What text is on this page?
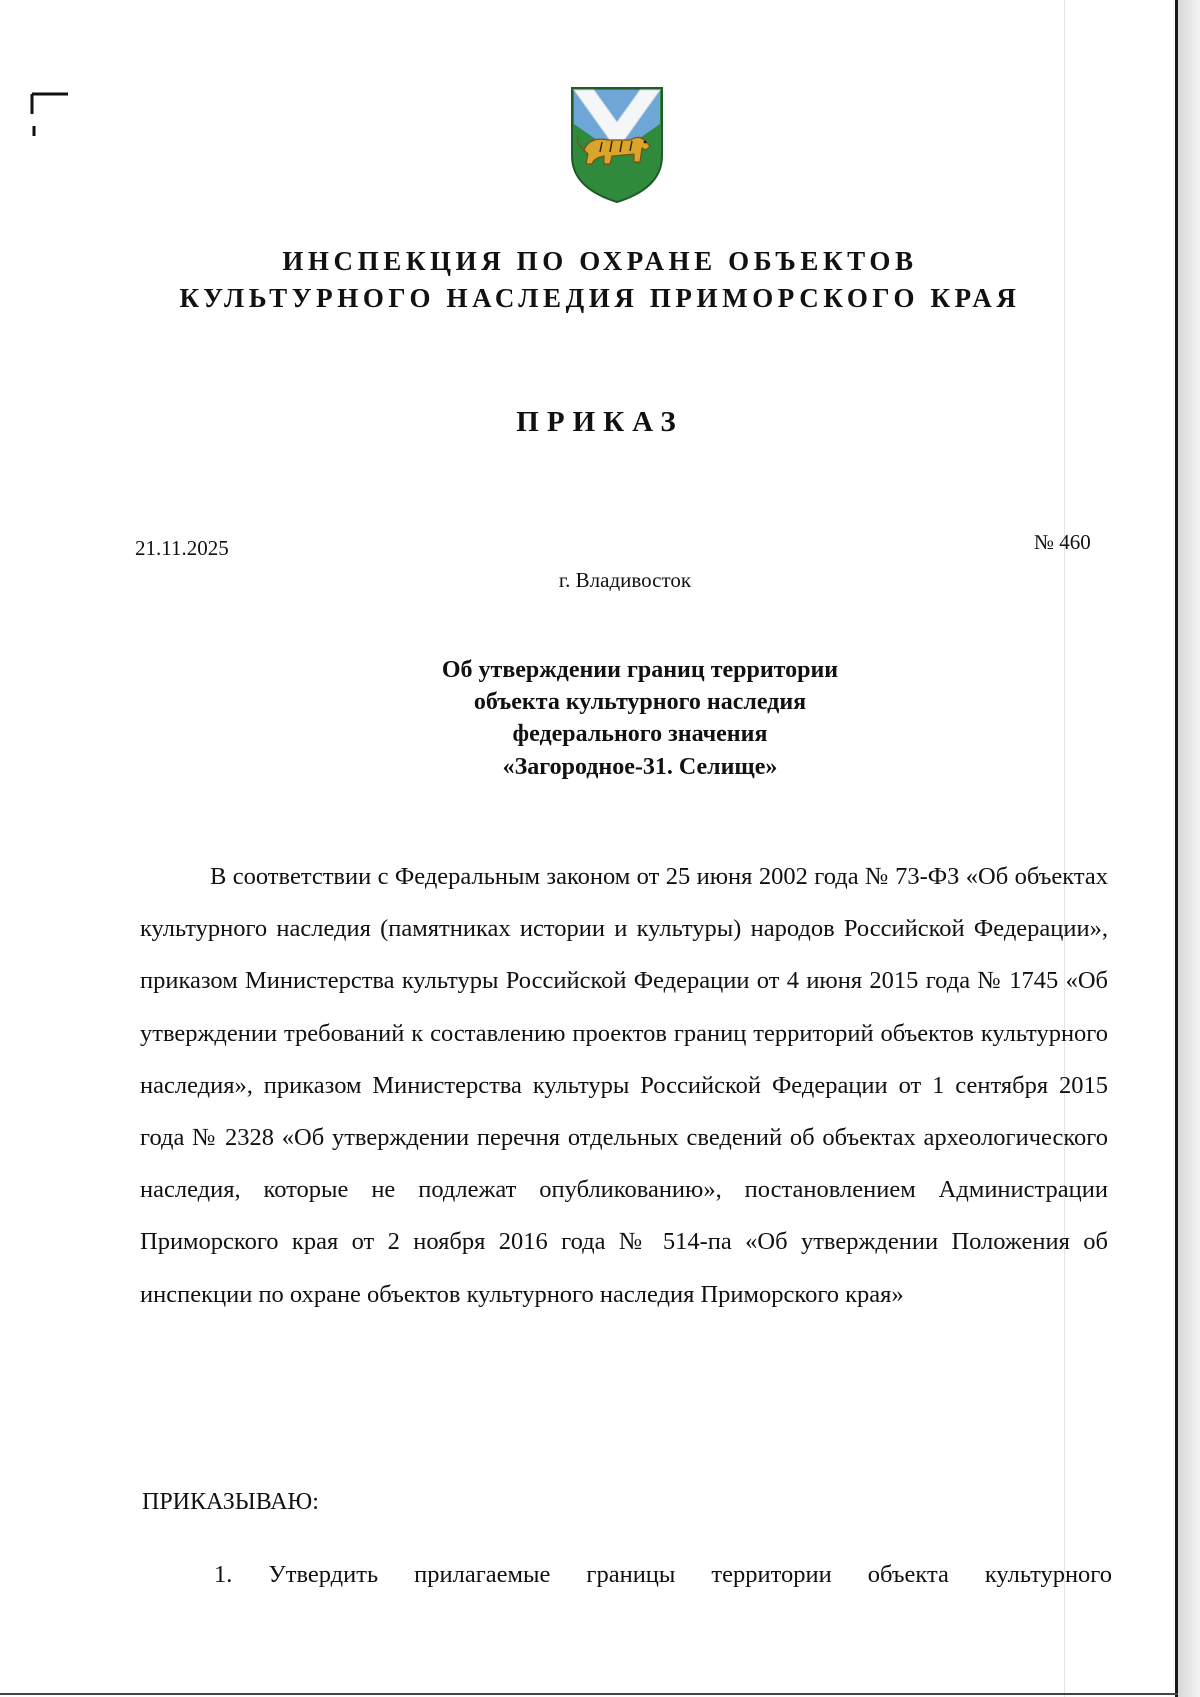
ИНСПЕКЦИЯ ПО ОХРАНЕ ОБЪЕКТОВ
КУЛЬТУРНОГО НАСЛЕДИЯ ПРИМОРСКОГО КРАЯ
ПРИКАЗ
21.11.2025	№ 460
г. Владивосток
Об утверждении границ территории
объекта культурного наследия
федерального значения
«Загородное-31. Селище»

В соответствии с Федеральным законом от 25 июня 2002 года № 73-ФЗ «Об объектах культурного наследия (памятниках истории и культуры) народов Российской Федерации», приказом Министерства культуры Российской Федерации от 4 июня 2015 года № 1745 «Об утверждении требований к составлению проектов границ территорий объектов культурного наследия», приказом Министерства культуры Российской Федерации от 1 сентября 2015 года № 2328 «Об утверждении перечня отдельных сведений об объектах археологического наследия, которые не подлежат опубликованию», постановлением Администрации Приморского края от 2 ноября 2016 года № 514-па «Об утверждении Положения об инспекции по охране объектов культурного наследия Приморского края»

ПРИКАЗЫВАЮ:

1. Утвердить прилагаемые границы территории объекта культурного
